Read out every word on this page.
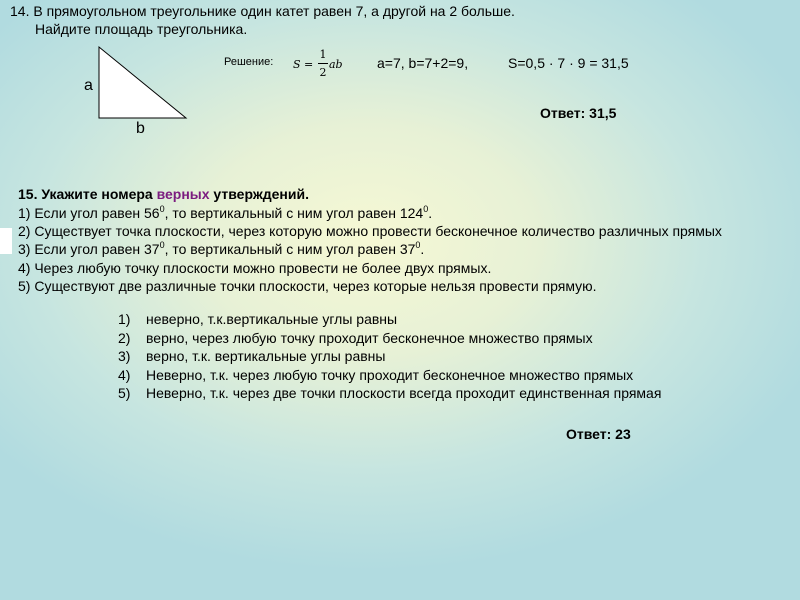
14. В прямоугольном треугольнике один катет равен 7, а другой на 2 больше.
Найдите площадь треугольника.
a
b
Решение: S =
1
2
ab a=7, b=7+2=9,	S=0,5 · 7 · 9 = 31,5
Ответ: 31,5
15. Укажите номера верных утверждений.
1) Если угол равен $56^0$, то вертикальный с ним угол равен $124^0$.
2) Существует точка плоскости, через которую можно провести бесконечное количество различных прямых
3) Если угол равен $37^0$, то вертикальный с ним угол равен $37^0$.
4) Через любую точку плоскости можно провести не более двух прямых.
5) Существуют две различные точки плоскости, через которые нельзя провести прямую.
1) неверно, т.к.вертикальные углы равны
2) верно, через любую точку проходит бесконечное множество прямых
3) верно, т.к. вертикальные углы равны
4) Неверно, т.к. через любую точку проходит бесконечное множество прямых
5) Неверно, т.к. через две точки плоскости всегда проходит единственная прямая
Ответ: 23
